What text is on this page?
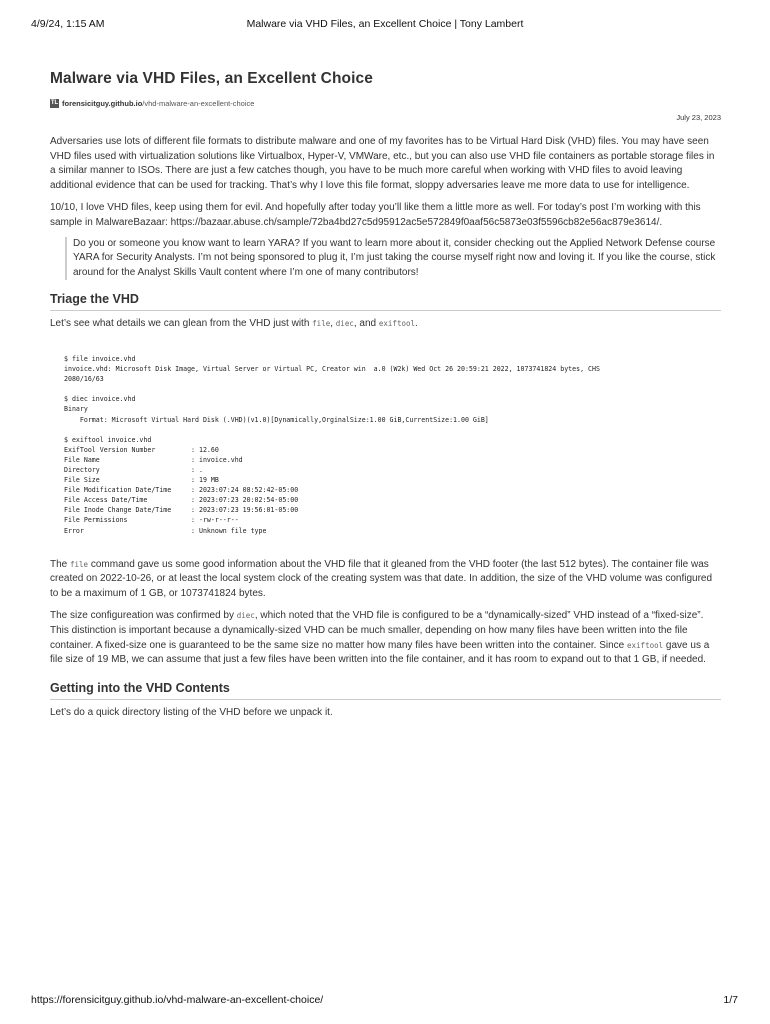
4/9/24, 1:15 AM	Malware via VHD Files, an Excellent Choice | Tony Lambert
Malware via VHD Files, an Excellent Choice
TL forensicitguy.github.io /vhd-malware-an-excellent-choice
July 23, 2023

Adversaries use lots of different file formats to distribute malware and one of my favorites has to be Virtual Hard Disk (VHD) files. You may have seen VHD files used with virtualization solutions like Virtualbox, Hyper-V, VMWare, etc., but you can also use VHD file containers as portable storage files in a similar manner to ISOs. There are just a few catches though, you have to be much more careful when working with VHD files to avoid leaving additional evidence that can be used for tracking. That’s why I love this file format, sloppy adversaries leave me more data to use for intelligence.

10/10, I love VHD files, keep using them for evil. And hopefully after today you’ll like them a little more as well. For today’s post I’m working with this sample in MalwareBazaar: https://bazaar.abuse.ch/sample/72ba4bd27c5d95912ac5e572849f0aaf56c5873e03f5596cb82e56ac879e3614/.

Do you or someone you know want to learn YARA? If you want to learn more about it, consider checking out the Applied Network Defense course YARA for Security Analysts. I’m not being sponsored to plug it, I’m just taking the course myself right now and loving it. If you like the course, stick around for the Analyst Skills Vault content where I’m one of many contributors!
Triage the VHD

Let’s see what details we can glean from the VHD just with file, diec, and exiftool.

$ file invoice.vhd
invoice.vhd: Microsoft Disk Image, Virtual Server or Virtual PC, Creator win  a.0 (W2k) Wed Oct 26 20:59:21 2022, 1073741824 bytes, CHS
2080/16/63

$ diec invoice.vhd
Binary
Format: Microsoft Virtual Hard Disk (.VHD)(v1.0)[Dynamically,OrginalSize:1.00 GiB,CurrentSize:1.00 GiB]

$ exiftool invoice.vhd
ExifTool Version Number         : 12.60
File Name                       : invoice.vhd
Directory                       : .
File Size                       : 19 MB
File Modification Date/Time     : 2023:07:24 08:52:42-05:00
File Access Date/Time           : 2023:07:23 20:02:54-05:00
File Inode Change Date/Time     : 2023:07:23 19:56:01-05:00
File Permissions                : -rw-r--r--
Error                           : Unknown file type

The file command gave us some good information about the VHD file that it gleaned from the VHD footer (the last 512 bytes). The container file was created on 2022-10-26, or at least the local system clock of the creating system was that date. In addition, the size of the VHD volume was configured to be a maximum of 1 GB, or 1073741824 bytes.

The size configureation was confirmed by diec, which noted that the VHD file is configured to be a “dynamically-sized” VHD instead of a “fixed-size”. This distinction is important because a dynamically-sized VHD can be much smaller, depending on how many files have been written into the file container. A fixed-size one is guaranteed to be the same size no matter how many files have been written into the container. Since exiftool gave us a file size of 19 MB, we can assume that just a few files have been written into the file container, and it has room to expand out to that 1 GB, if needed.

Getting into the VHD Contents

Let’s do a quick directory listing of the VHD before we unpack it.

https://forensicitguy.github.io/vhd-malware-an-excellent-choice/	1/7
